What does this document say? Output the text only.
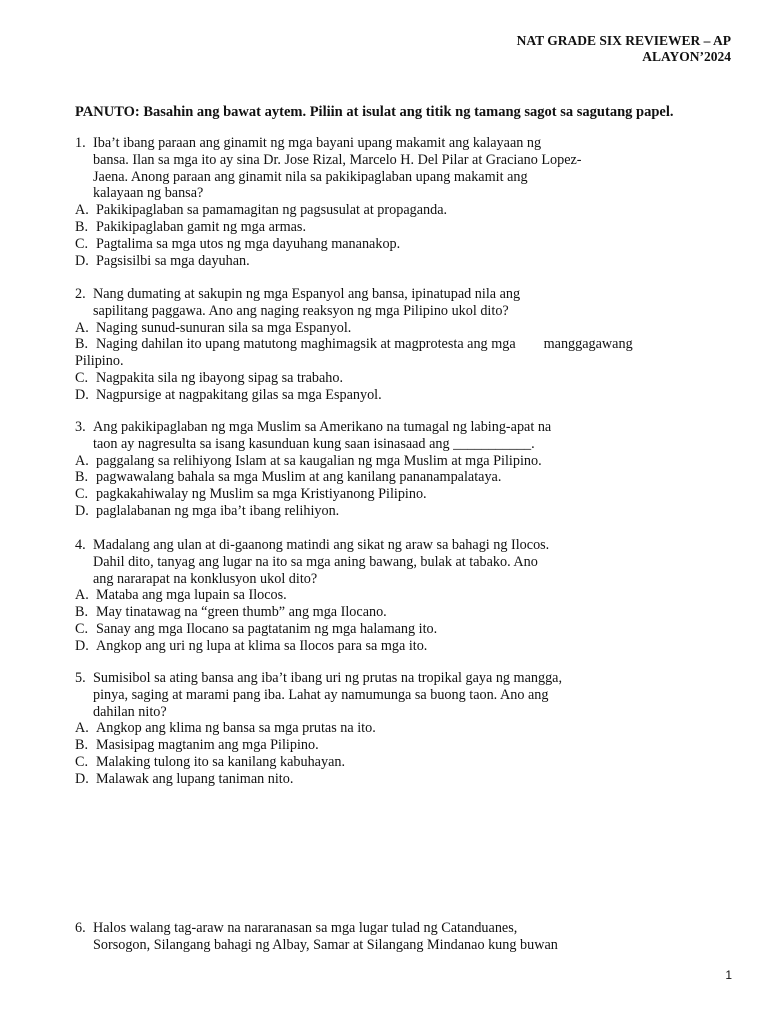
NAT GRADE SIX REVIEWER – AP
ALAYON’2024
PANUTO: Basahin ang bawat aytem. Piliin at isulat ang titik ng tamang sagot sa sagutang papel.
1. Iba’t ibang paraan ang ginamit ng mga bayani upang makamit ang kalayaan ng
bansa. Ilan sa mga ito ay sina Dr. Jose Rizal, Marcelo H. Del Pilar at Graciano Lopez-
Jaena. Anong paraan ang ginamit nila sa pakikipaglaban upang makamit ang
kalayaan ng bansa?
A. Pakikipaglaban sa pamamagitan ng pagsusulat at propaganda.
B. Pakikipaglaban gamit ng mga armas.
C. Pagtalima sa mga utos ng mga dayuhang mananakop.
D. Pagsisilbi sa mga dayuhan.
2. Nang dumating at sakupin ng mga Espanyol ang bansa, ipinatupad nila ang
sapilitang paggawa. Ano ang naging reaksyon ng mga Pilipino ukol dito?
A. Naging sunud-sunuran sila sa mga Espanyol.
B. Naging dahilan ito upang matutong maghimagsik at magprotesta ang mga manggagawang
Pilipino.
C. Nagpakita sila ng ibayong sipag sa trabaho.
D. Nagpursige at nagpakitang gilas sa mga Espanyol.
3. Ang pakikipaglaban ng mga Muslim sa Amerikano na tumagal ng labing-apat na
taon ay nagresulta sa isang kasunduan kung saan isinasaad ang ___________.
A. paggalang sa relihiyong Islam at sa kaugalian ng mga Muslim at mga Pilipino.
B. pagwawalang bahala sa mga Muslim at ang kanilang pananampalataya.
C. pagkakahiwalay ng Muslim sa mga Kristiyanong Pilipino.
D. paglalabanan ng mga iba’t ibang relihiyon.
4. Madalang ang ulan at di-gaanong matindi ang sikat ng araw sa bahagi ng Ilocos.
Dahil dito, tanyag ang lugar na ito sa mga aning bawang, bulak at tabako. Ano
ang nararapat na konklusyon ukol dito?
A. Mataba ang mga lupain sa Ilocos.
B. May tinatawag na “green thumb” ang mga Ilocano.
C. Sanay ang mga Ilocano sa pagtatanim ng mga halamang ito.
D. Angkop ang uri ng lupa at klima sa Ilocos para sa mga ito.
5. Sumisibol sa ating bansa ang iba’t ibang uri ng prutas na tropikal gaya ng mangga,
pinya, saging at marami pang iba. Lahat ay namumunga sa buong taon. Ano ang
dahilan nito?
A. Angkop ang klima ng bansa sa mga prutas na ito.
B. Masisipag magtanim ang mga Pilipino.
C. Malaking tulong ito sa kanilang kabuhayan.
D. Malawak ang lupang taniman nito.
6. Halos walang tag-araw na nararanasan sa mga lugar tulad ng Catanduanes,
Sorsogon, Silangang bahagi ng Albay, Samar at Silangang Mindanao kung buwan
1
